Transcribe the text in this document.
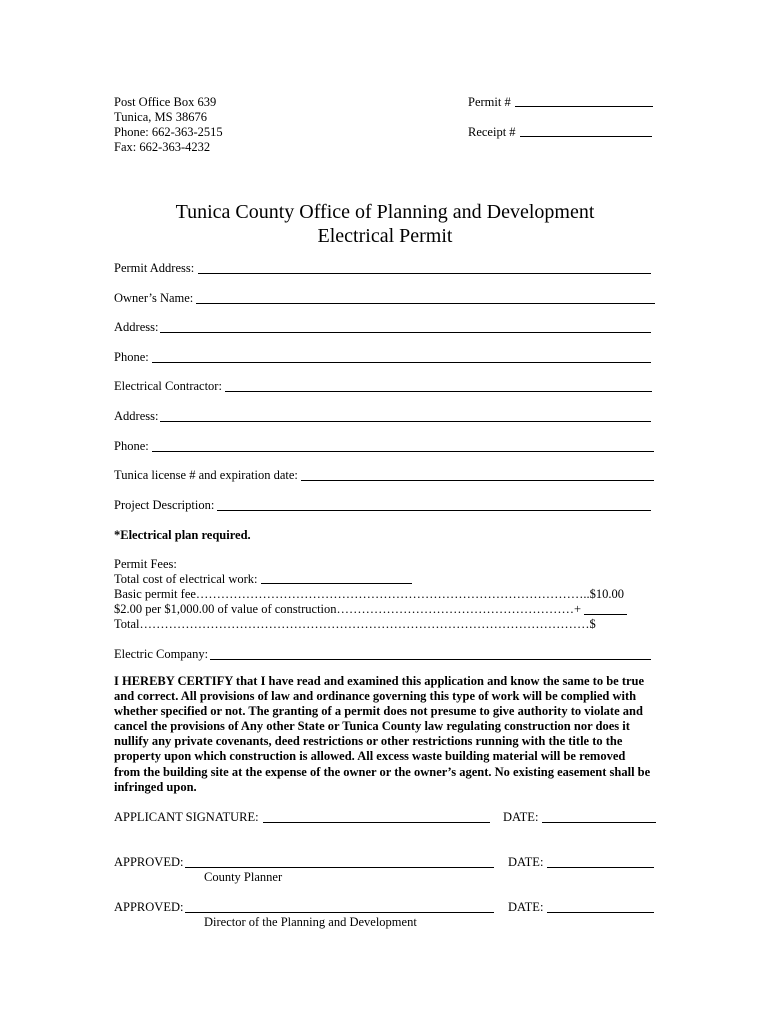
Post Office Box 639
Tunica, MS 38676
Phone: 662-363-2515
Fax: 662-363-4232
Permit #
Receipt #
Tunica County Office of Planning and Development
Electrical Permit
Permit Address:
Owner’s Name:
Address:
Phone:
Electrical Contractor:
Address:
Phone:
Tunica license # and expiration date:
Project Description:
*Electrical plan required.
Permit Fees:
Total cost of electrical work:
Basic permit fee…………………………………………………………………………………..$10.00
$2.00 per $1,000.00 of value of construction…………………………………………………+
Total………………………………………………………………………………………………$
Electric Company:
I HEREBY CERTIFY that I have read and examined this application and know the same to be true and correct. All provisions of law and ordinance governing this type of work will be complied with whether specified or not. The granting of a permit does not presume to give authority to violate and cancel the provisions of Any other State or Tunica County law regulating construction nor does it nullify any private covenants, deed restrictions or other restrictions running with the title to the property upon which construction is allowed. All excess waste building material will be removed from the building site at the expense of the owner or the owner’s agent. No existing easement shall be infringed upon.
APPLICANT SIGNATURE:	DATE:
APPROVED:	DATE:
County Planner
APPROVED:	DATE:
Director of the Planning and Development
